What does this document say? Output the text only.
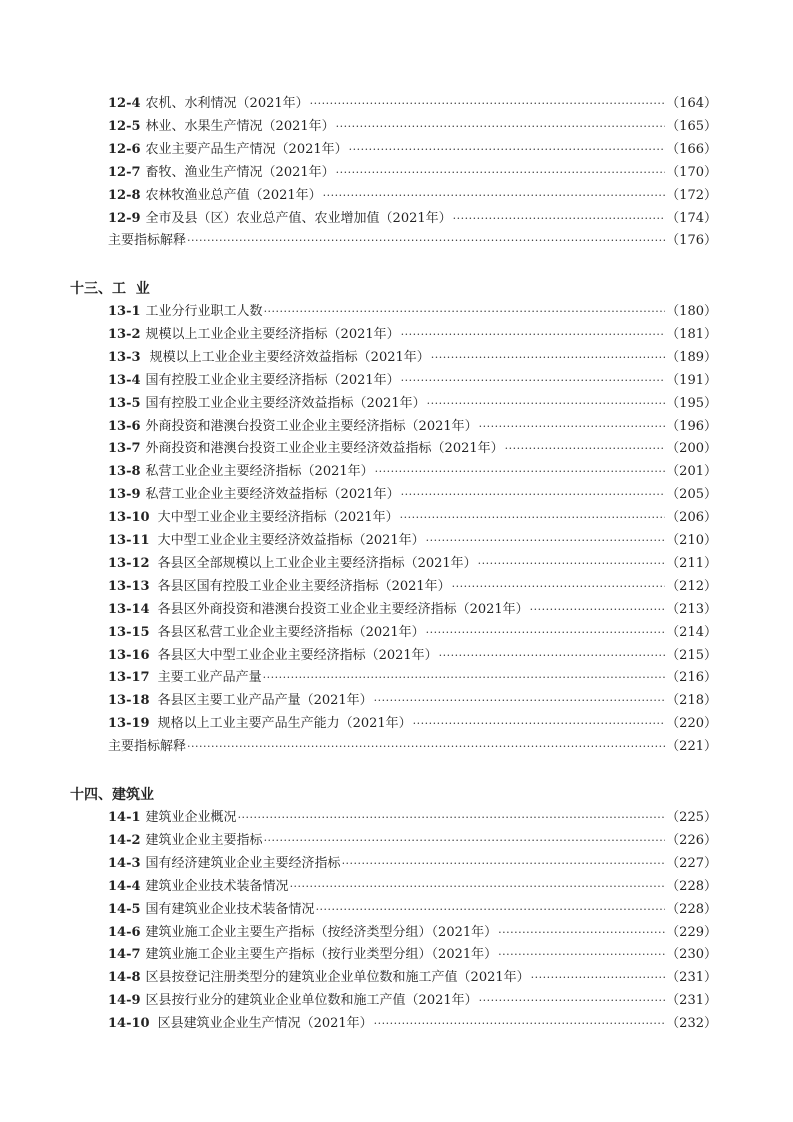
12-4 农机、水利情况（2021年） ·····	（164）
12-5 林业、水果生产情况（2021年） ·····	（165）
12-6 农业主要产品生产情况（2021年） ·····	（166）
12-7 畜牧、渔业生产情况（2021年） ·····	（170）
12-8 农林牧渔业总产值（2021年） ·····	（172）
12-9 全市及县（区）农业总产值、农业增加值（2021年） ·····	（174）
主要指标解释 ·····	（176）
十三、工  业
13-1 工业分行业职工人数 ·····	（180）
13-2 规模以上工业企业主要经济指标（2021年） ·····	（181）
13-3 规模以上工业企业主要经济效益指标（2021年） ·····	（189）
13-4 国有控股工业企业主要经济指标（2021年） ·····	（191）
13-5 国有控股工业企业主要经济效益指标（2021年） ·····	（195）
13-6 外商投资和港澳台投资工业企业主要经济指标（2021年） ·····	（196）
13-7 外商投资和港澳台投资工业企业主要经济效益指标（2021年） ·····	（200）
13-8 私营工业企业主要经济指标（2021年） ·····	（201）
13-9 私营工业企业主要经济效益指标（2021年） ·····	（205）
13-10 大中型工业企业主要经济指标（2021年） ·····	（206）
13-11 大中型工业企业主要经济效益指标（2021年） ·····	（210）
13-12 各县区全部规模以上工业企业主要经济指标（2021年） ·····	（211）
13-13 各县区国有控股工业企业主要经济指标（2021年） ·····	（212）
13-14 各县区外商投资和港澳台投资工业企业主要经济指标（2021年） ·····	（213）
13-15 各县区私营工业企业主要经济指标（2021年） ·····	（214）
13-16 各县区大中型工业企业主要经济指标（2021年） ·····	（215）
13-17 主要工业产品产量 ·····	（216）
13-18 各县区主要工业产品产量（2021年） ·····	（218）
13-19 规格以上工业主要产品生产能力（2021年） ·····	（220）
主要指标解释 ·····	（221）
十四、建筑业
14-1 建筑业企业概况 ·····	（225）
14-2 建筑业企业主要指标 ·····	（226）
14-3 国有经济建筑业企业主要经济指标 ·····	（227）
14-4 建筑业企业技术装备情况 ·····	（228）
14-5 国有建筑业企业技术装备情况 ·····	（228）
14-6 建筑业施工企业主要生产指标（按经济类型分组）（2021年） ·····	（229）
14-7 建筑业施工企业主要生产指标（按行业类型分组）（2021年） ·····	（230）
14-8 区县按登记注册类型分的建筑业企业单位数和施工产值（2021年） ·····	（231）
14-9 区县按行业分的建筑业企业单位数和施工产值（2021年） ·····	（231）
14-10 区县建筑业企业生产情况（2021年） ·····	（232）
